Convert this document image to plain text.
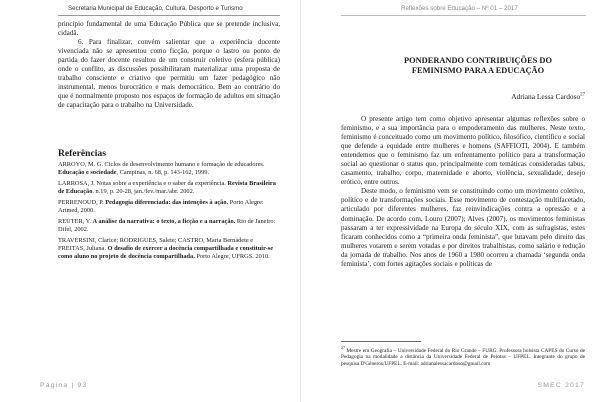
Secretaria Municipal de Educação, Cultura, Desporto e Turismo

princípio fundamental de uma Educação Pública que se pretende inclusiva, cidadã.

6. Para finalizar, convém salientar que a experiência docente vivenciada não se apresentou como ficção, porque o lastro ou ponto de partida do fazer docente resultou de um construir coletivo (esfera pública) onde o conflito, as discussões possibilitaram materializar uma proposta de trabalho consciente e criativo que permitiu um fazer pedagógico não instrumental, menos burocrático e mais democrático. Bem ao contrário do que é normalmente proposto nos espaços de formação de adultos em situação de capacitação para o trabalho na Universidade.

Referências

ARROYO, M. G. Ciclos de desenvolvimento humano e formação de educadores. Educação e sociedade, Campinas, n. 68, p. 143-162, 1999.

LARROSA, J. Notas sobre a experiência e o saber da experiência. Revista Brasileira de Educação. n.19, p. 20-28, jan./fev./mar./abr. 2002.

PERRENOUD, P. Pedagogia diferenciada: das intenções à ação. Porto Alegre: Artmed, 2000.

REUTER, Y. A análise da narrativa: o texto, a ficção e a narração. Rio de Janeiro: Difel, 2002.

TRAVERSINI, Clarice; RODRIGUES, Salete; CASTRO, Maria Bernadete e FREITAS, Juliana. O desafio de exercer a docência compartilhada e constituir-se como aluno no projeto de docência compartilhada. Porto Alegre, UFRGS. 2010.

Página | 93
Reflexões sobre Educação – Nº 01 – 2017
PONDERANDO CONTRIBUIÇÕES DO FEMINISMO PARA A EDUCAÇÃO
Adriana Lessa Cardoso$^{27}$

O presente artigo tem como objetivo apresentar algumas reflexões sobre o feminismo, e a sua importância para o empoderamento das mulheres. Neste texto, feminismo é conceituado como um movimento político, filosófico, científico e social que defende a equidade entre mulheres e homens (SAFFIOTI, 2004). E também entendemos que o feminismo faz um enfrentamento político para a transformação social ao questionar o status quo, principalmente com temáticas consideradas tabus, casamento, trabalho, corpo, maternidade e aborto, violência, sexualidade, desejo erótico, entre outros.

Deste modo, o feminismo vem se constituindo como um movimento coletivo, político e de transformações sociais. Esse movimento de contestação multifacetado, articulado por diferentes mulheres, faz reinvindicações contra a opressão e a dominação. De acordo com, Louro (2007); Alves (2007), os movimentos feministas passaram a ter expressividade na Europa do século XIX, com as sufragistas, estes ficaram conhecidos como a “primeira onda feminista”, que lutavam pelo direito das mulheres votarem e serem votadas e por direitos trabalhistas, como salário e redução da jornada de trabalho. Nos anos de 1960 a 1980 ocorreu a chamada ‘segunda onda feminista’, com fortes agitações sociais e políticas de

$^{27}$ Mestre em Geografia – Universidade Federal do Rio Grande – FURG. Professora bolsista CAPES do Curso de Pedagogia na modalidade a distância da Universidade Federal de Pelotas – UFPEL. Integrante do grupo de pesquisa D'Gêneros/UFPEL. E-mail: adrianalessacardoso@gmail.com
SMEC 2017
